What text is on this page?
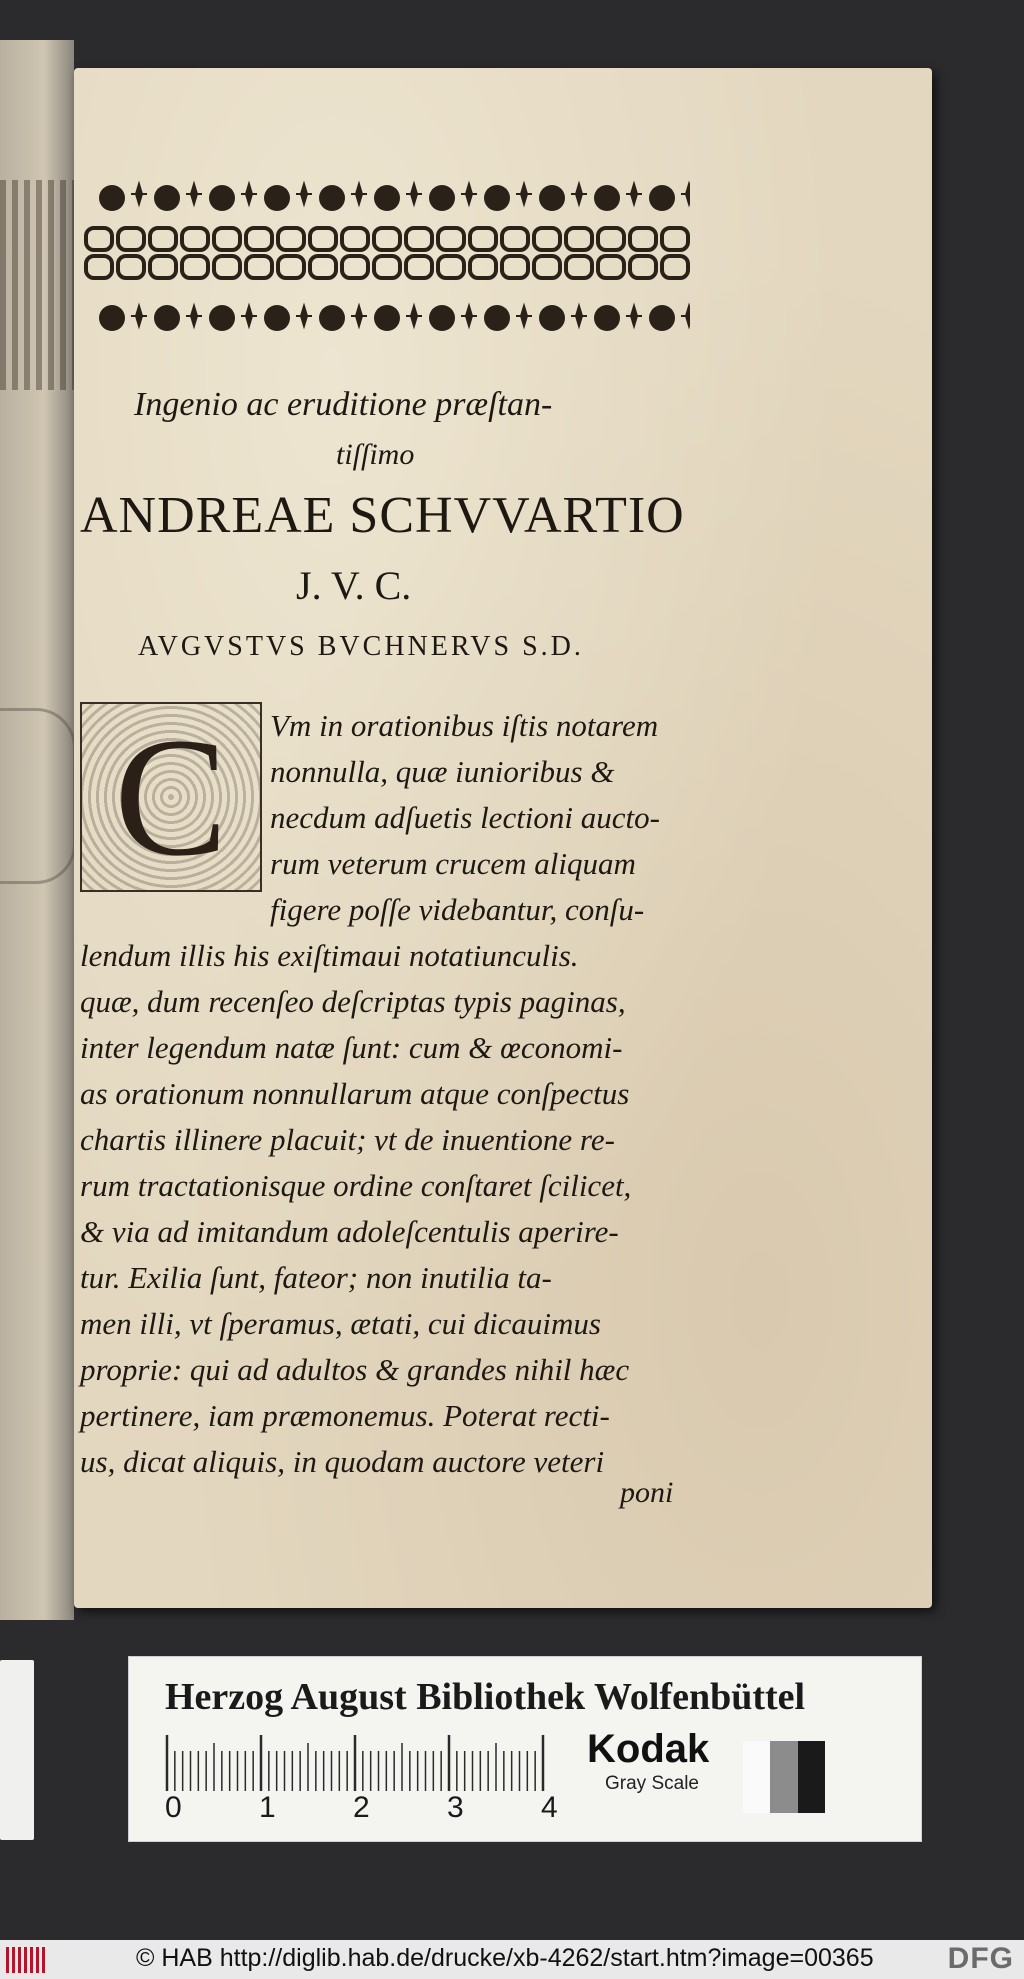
Ingenio ac eruditione præſtan-
tiſſimo
ANDREAE SCHVVARTIO
J. V. C.
AVGVSTVS BVCHNERVS S.D.
C
poni
Vm in orationibus iſtis notarem
nonnulla, quæ iunioribus &
necdum adſuetis lectioni aucto-
rum veterum crucem aliquam
figere poſſe videbantur, conſu-
lendum illis his exiſtimaui notatiunculis.
quæ, dum recenſeo deſcriptas typis paginas,
inter legendum natæ ſunt: cum & œconomi-
as orationum nonnullarum atque conſpectus
chartis illinere placuit; vt de inuentione re-
rum tractationisque ordine conſtaret ſcilicet,
& via ad imitandum adoleſcentulis aperire-
tur. Exilia ſunt, fateor; non inutilia ta-
men illi, vt ſperamus, ætati, cui dicauimus
proprie: qui ad adultos & grandes nihil hæc
pertinere, iam præmonemus. Poterat recti-
us, dicat aliquis, in quodam auctore veteri
Herzog August Bibliothek Wolfenbüttel
Kodak
Gray Scale
0	1	2	3	4
© HAB http://diglib.hab.de/drucke/xb-4262/start.htm?image=00365 DFG
